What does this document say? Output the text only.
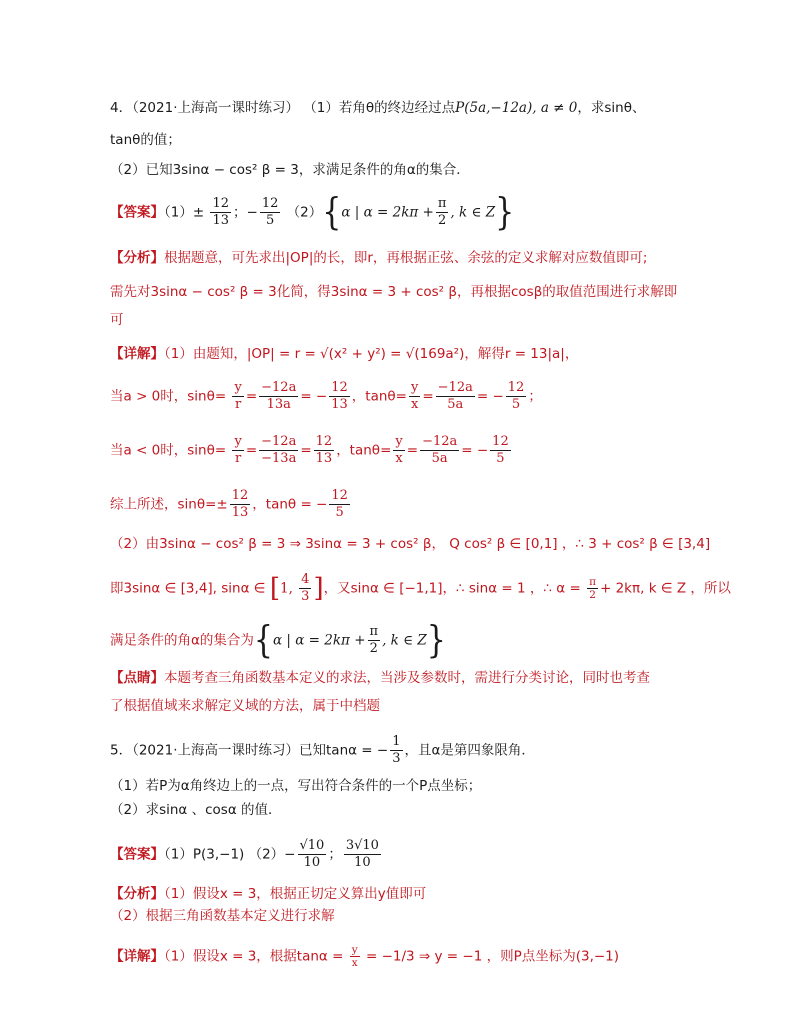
4．（2021·上海高一课时练习） （1）若角θ的终边经过点P(5a,−12a), a ≠ 0，求sinθ、
tanθ的值；
（2）已知3sinα − cos² β = 3，求满足条件的角α的集合．
【答案】$(1)\pm \frac{12}{13}$ ；− $\frac{12}{5} (2)\{\alpha$ | $\alpha = 2k\pi + \frac{\pi}{2}$ , k ∈ Z}
【分析】根据题意，可先求出|OP|的长，即r，再根据正弦、余弦的定义求解对应数值即可;
需先对3sinα − cos² β = 3化简，得3sinα = 3 + cos² β，再根据cosβ的取值范围进行求解即
可
【详解】（1）由题知，|OP| = r = √(x² + y²) = √(169a²)，解得r = 13|a|，
当a > 0时，$\sin\theta= \frac{y}{r} = \frac{-12a}{13a}$ = − $\frac{12}{13}$ ，$\tan\theta= \frac{y}{x} = \frac{-12a}{5a}$ = − $\frac{12}{5}$ ；
当a < 0时，$\sin\theta= \frac{y}{r} = \frac{-12a}{-13a} = \frac{12}{13}$ ，$\tan\theta= \frac{y}{x} = \frac{-12a}{5a}$ = − $\frac{12}{5}$
综上所述，$\sin\theta=\pm \frac{12}{13}$ ，tanθ = − $\frac{12}{5}$
（2）由3sinα − cos² β = 3 ⇒ 3sinα = 3 + cos² β， Q cos² β ∈ [0,1] ，∴ 3 + cos² β ∈ [3,4]
即3sinα ∈ [3,4], sinα ∈ [1, $\frac{4}{3}$ ]，又sinα ∈ [−1,1]，∴ sinα = 1 ，∴ $\alpha = \frac{\pi}{2} + 2k\pi$, k ∈ Z ，所以
满足条件的角α的集合为{α | $\alpha = 2k\pi + \frac{\pi}{2}$ , k ∈ Z}
【点睛】本题考查三角函数基本定义的求法，当涉及参数时，需进行分类讨论，同时也考查
了根据值域来求解定义域的方法，属于中档题
5．（2021·上海高一课时练习）已知tanα = − $\frac{1}{3}$ ，且α是第四象限角．
（1）若P为α角终边上的一点，写出符合条件的一个P点坐标；
（2）求sinα 、cosα 的值．
【答案】（1）P(3,−1) $(2)- \frac{√10}{10}$ ； $\frac{3√10}{10}$
【分析】（1）假设x = 3，根据正切定义算出y值即可
（2）根据三角函数基本定义进行求解
【详解】（1）假设x = 3，根据$\tan\alpha = \frac{y}{x} = -1/3$ ⇒ y = −1 ，则P点坐标为(3,−1)
